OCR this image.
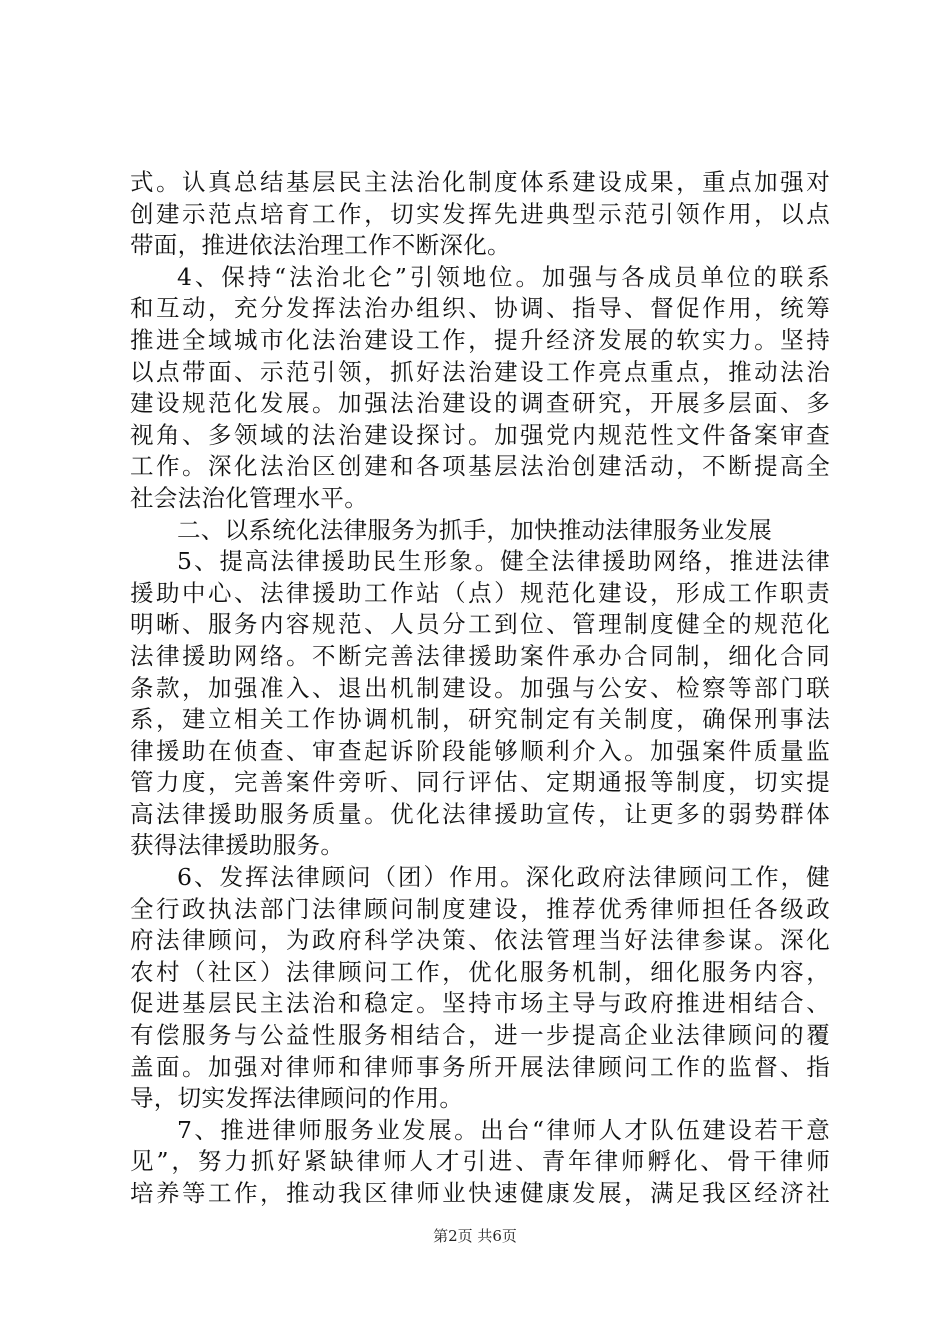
式。认真总结基层民主法治化制度体系建设成果，重点加强对
创建示范点培育工作，切实发挥先进典型示范引领作用，以点
带面，推进依法治理工作不断深化。
4、保持“法治北仑”引领地位。加强与各成员单位的联系
和互动，充分发挥法治办组织、协调、指导、督促作用，统筹
推进全域城市化法治建设工作，提升经济发展的软实力。坚持
以点带面、示范引领，抓好法治建设工作亮点重点，推动法治
建设规范化发展。加强法治建设的调查研究，开展多层面、多
视角、多领域的法治建设探讨。加强党内规范性文件备案审查
工作。深化法治区创建和各项基层法治创建活动，不断提高全
社会法治化管理水平。
二、以系统化法律服务为抓手，加快推动法律服务业发展
5、提高法律援助民生形象。健全法律援助网络，推进法律
援助中心、法律援助工作站（点）规范化建设，形成工作职责
明晰、服务内容规范、人员分工到位、管理制度健全的规范化
法律援助网络。不断完善法律援助案件承办合同制，细化合同
条款，加强准入、退出机制建设。加强与公安、检察等部门联
系，建立相关工作协调机制，研究制定有关制度，确保刑事法
律援助在侦查、审查起诉阶段能够顺利介入。加强案件质量监
管力度，完善案件旁听、同行评估、定期通报等制度，切实提
高法律援助服务质量。优化法律援助宣传，让更多的弱势群体
获得法律援助服务。
6、发挥法律顾问（团）作用。深化政府法律顾问工作，健
全行政执法部门法律顾问制度建设，推荐优秀律师担任各级政
府法律顾问，为政府科学决策、依法管理当好法律参谋。深化
农村（社区）法律顾问工作，优化服务机制，细化服务内容，
促进基层民主法治和稳定。坚持市场主导与政府推进相结合、
有偿服务与公益性服务相结合，进一步提高企业法律顾问的覆
盖面。加强对律师和律师事务所开展法律顾问工作的监督、指
导，切实发挥法律顾问的作用。
7、推进律师服务业发展。出台“律师人才队伍建设若干意
见”，努力抓好紧缺律师人才引进、青年律师孵化、骨干律师
培养等工作，推动我区律师业快速健康发展，满足我区经济社
第2页 共6页
